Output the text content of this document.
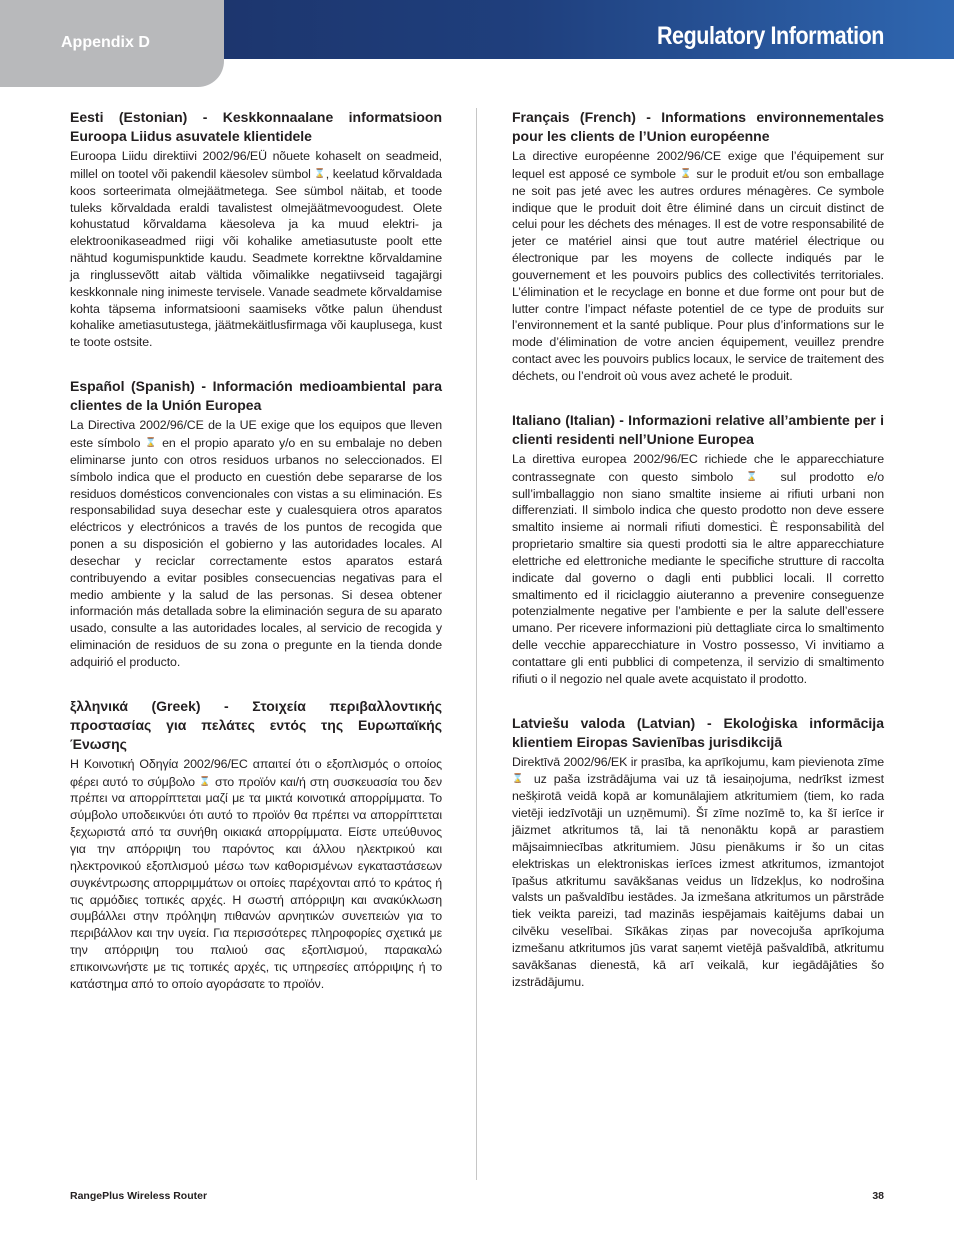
Regulatory Information
Appendix D
Eesti (Estonian) - Keskkonnaalane informatsioon Euroopa Liidus asuvatele klientidele

Euroopa Liidu direktiivi 2002/96/EÜ nõuete kohaselt on seadmeid, millel on tootel või pakendil käesolev sümbol ⌛, keelatud kõrvaldada koos sorteerimata olmejäätmetega. See sümbol näitab, et toode tuleks kõrvaldada eraldi tavalistest olmejäätmevoogudest. Olete kohustatud kõrvaldama käesoleva ja ka muud elektri- ja elektroonikaseadmed riigi või kohalike ametiasutuste poolt ette nähtud kogumispunktide kaudu. Seadmete korrektne kõrvaldamine ja ringlussevõtt aitab vältida võimalikke negatiivseid tagajärgi keskkonnale ning inimeste tervisele. Vanade seadmete kõrvaldamise kohta täpsema informatsiooni saamiseks võtke palun ühendust kohalike ametiasutustega, jäätmekäitlusfirmaga või kauplusega, kust te toote ostsite.

Español (Spanish) - Información medioambiental para clientes de la Unión Europea

La Directiva 2002/96/CE de la UE exige que los equipos que lleven este símbolo ⌛ en el propio aparato y/o en su embalaje no deben eliminarse junto con otros residuos urbanos no seleccionados. El símbolo indica que el producto en cuestión debe separarse de los residuos domésticos convencionales con vistas a su eliminación. Es responsabilidad suya desechar este y cualesquiera otros aparatos eléctricos y electrónicos a través de los puntos de recogida que ponen a su disposición el gobierno y las autoridades locales. Al desechar y reciclar correctamente estos aparatos estará contribuyendo a evitar posibles consecuencias negativas para el medio ambiente y la salud de las personas. Si desea obtener información más detallada sobre la eliminación segura de su aparato usado, consulte a las autoridades locales, al servicio de recogida y eliminación de residuos de su zona o pregunte en la tienda donde adquirió el producto.

ξλληνικά (Greek) - Στοιχεία περιβαλλοντικής προστασίας για πελάτες εντός της Ευρωπαϊκής Ένωσης

Η Κοινοτική Οδηγία 2002/96/EC απαιτεί ότι ο εξοπλισμός ο οποίος φέρει αυτό το σύμβολο ⌛ στο προϊόν και/ή στη συσκευασία του δεν πρέπει να απορρίπτεται μαζί με τα μικτά κοινοτικά απορρίμματα. Το σύμβολο υποδεικνύει ότι αυτό το προϊόν θα πρέπει να απορρίπτεται ξεχωριστά από τα συνήθη οικιακά απορρίμματα. Είστε υπεύθυνος για την απόρριψη του παρόντος και άλλου ηλεκτρικού και ηλεκτρονικού εξοπλισμού μέσω των καθορισμένων εγκαταστάσεων συγκέντρωσης απορριμμάτων οι οποίες παρέχονται από το κράτος ή τις αρμόδιες τοπικές αρχές. Η σωστή απόρριψη και ανακύκλωση συμβάλλει στην πρόληψη πιθανών αρνητικών συνεπειών για το περιβάλλον και την υγεία. Για περισσότερες πληροφορίες σχετικά με την απόρριψη του παλιού σας εξοπλισμού, παρακαλώ επικοινωνήστε με τις τοπικές αρχές, τις υπηρεσίες απόρριψης ή το κατάστημα από το οποίο αγοράσατε το προϊόν.

Français (French) - Informations environnementales pour les clients de l’Union européenne

La directive européenne 2002/96/CE exige que l’équipement sur lequel est apposé ce symbole ⌛ sur le produit et/ou son emballage ne soit pas jeté avec les autres ordures ménagères. Ce symbole indique que le produit doit être éliminé dans un circuit distinct de celui pour les déchets des ménages. Il est de votre responsabilité de jeter ce matériel ainsi que tout autre matériel électrique ou électronique par les moyens de collecte indiqués par le gouvernement et les pouvoirs publics des collectivités territoriales. L’élimination et le recyclage en bonne et due forme ont pour but de lutter contre l’impact néfaste potentiel de ce type de produits sur l’environnement et la santé publique. Pour plus d’informations sur le mode d’élimination de votre ancien équipement, veuillez prendre contact avec les pouvoirs publics locaux, le service de traitement des déchets, ou l’endroit où vous avez acheté le produit.

Italiano (Italian) - Informazioni relative all’ambiente per i clienti residenti nell’Unione Europea

La direttiva europea 2002/96/EC richiede che le apparecchiature contrassegnate con questo simbolo ⌛ sul prodotto e/o sull’imballaggio non siano smaltite insieme ai rifiuti urbani non differenziati. Il simbolo indica che questo prodotto non deve essere smaltito insieme ai normali rifiuti domestici. È responsabilità del proprietario smaltire sia questi prodotti sia le altre apparecchiature elettriche ed elettroniche mediante le specifiche strutture di raccolta indicate dal governo o dagli enti pubblici locali. Il corretto smaltimento ed il riciclaggio aiuteranno a prevenire conseguenze potenzialmente negative per l’ambiente e per la salute dell’essere umano. Per ricevere informazioni più dettagliate circa lo smaltimento delle vecchie apparecchiature in Vostro possesso, Vi invitiamo a contattare gli enti pubblici di competenza, il servizio di smaltimento rifiuti o il negozio nel quale avete acquistato il prodotto.

Latviešu valoda (Latvian) - Ekoloģiska informācija klientiem Eiropas Savienības jurisdikcijā

Direktīvā 2002/96/EK ir prasība, ka aprīkojumu, kam pievienota zīme ⌛ uz paša izstrādājuma vai uz tā iesaiņojuma, nedrīkst izmest nešķirotā veidā kopā ar komunālajiem atkritumiem (tiem, ko rada vietēji iedzīvotāji un uzņēmumi). Šī zīme nozīmē to, ka šī ierīce ir jāizmet atkritumos tā, lai tā nenonāktu kopā ar parastiem mājsaimniecības atkritumiem. Jūsu pienākums ir šo un citas elektriskas un elektroniskas ierīces izmest atkritumos, izmantojot īpašus atkritumu savākšanas veidus un līdzekļus, ko nodrošina valsts un pašvaldību iestādes. Ja izmešana atkritumos un pārstrāde tiek veikta pareizi, tad mazinās iespējamais kaitējums dabai un cilvēku veselībai. Sīkākas ziņas par novecojuša aprīkojuma izmešanu atkritumos jūs varat saņemt vietējā pašvaldībā, atkritumu savākšanas dienestā, kā arī veikalā, kur iegādājāties šo izstrādājumu.

RangePlus Wireless Router	38
